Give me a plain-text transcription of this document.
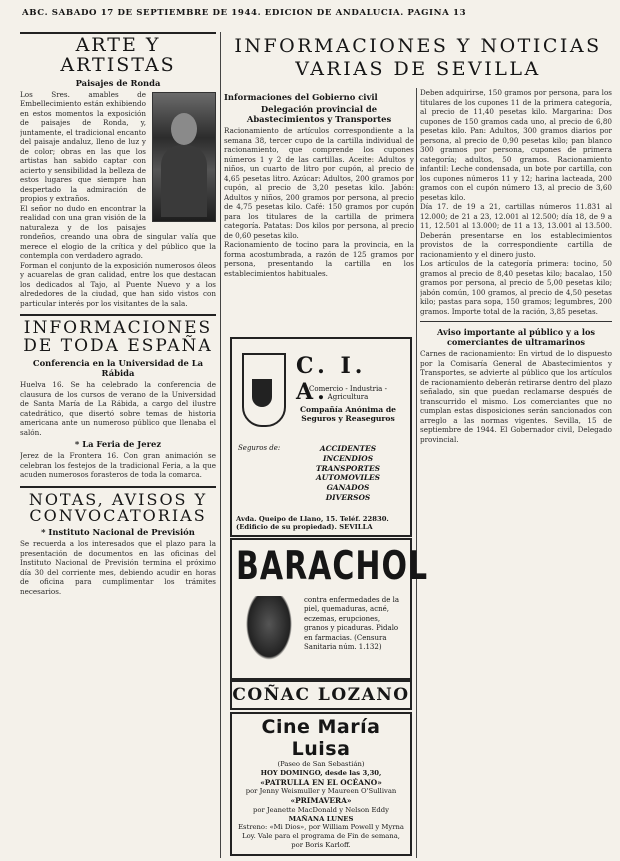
ABC. SÁBADO 17 DE SEPTIEMBRE DE 1944. EDICION DE ANDALUCIA. PAGINA 13
ARTE Y ARTISTAS
Paisajes de Ronda

Los Sres. amables de Embellecimiento están exhibiendo en estos momentos la exposición de paisajes de Ronda, y, juntamente, el tradicional encanto del paisaje andaluz, lleno de luz y de color; obras en las que los artistas han sabido captar con acierto y sensibilidad la belleza de estos lugares que siempre han despertado la admiración de propios y extraños.

El señor no dudo en encontrar la realidad con una gran visión de la naturaleza y de los paisajes rondeños, creando una obra de singular valía que merece el elogio de la crítica y del público que la contempla con verdadero agrado.

Forman el conjunto de la exposición numerosos óleos y acuarelas de gran calidad, entre los que destacan los dedicados al Tajo, al Puente Nuevo y a los alrededores de la ciudad, que han sido vistos con particular interés por los visitantes de la sala.

INFORMACIONES DE TODA ESPAÑA
Conferencia en la Universidad de La Rábida

Huelva 16. Se ha celebrado la conferencia de clausura de los cursos de verano de la Universidad de Santa María de La Rábida, a cargo del ilustre catedrático, que disertó sobre temas de historia americana ante un numeroso público que llenaba el salón.

* La Feria de Jerez

Jerez de la Frontera 16. Con gran animación se celebran los festejos de la tradicional Feria, a la que acuden numerosos forasteros de toda la comarca.

NOTAS, AVISOS Y CONVOCATORIAS
* Instituto Nacional de Previsión

Se recuerda a los interesados que el plazo para la presentación de documentos en las oficinas del Instituto Nacional de Previsión termina el próximo día 30 del corriente mes, debiendo acudir en horas de oficina para cumplimentar los trámites necesarios.

INFORMACIONES Y NOTICIAS VARIAS DE SEVILLA
Informaciones del Gobierno civil
Delegación provincial de Abastecimientos y Transportes

Racionamiento de artículos correspondiente a la semana 38, tercer cupo de la cartilla individual de racionamiento, que comprende los cupones números 1 y 2 de las cartillas. Aceite: Adultos y niños, un cuarto de litro por cupón, al precio de 4,65 pesetas litro. Azúcar: Adultos, 200 gramos por cupón, al precio de 3,20 pesetas kilo. Jabón: Adultos y niños, 200 gramos por persona, al precio de 4,75 pesetas kilo. Café: 150 gramos por cupón para los titulares de la cartilla de primera categoría. Patatas: Dos kilos por persona, al precio de 0,60 pesetas kilo.

Racionamiento de tocino para la provincia, en la forma acostumbrada, a razón de 125 gramos por persona, presentando la cartilla en los establecimientos habituales.

C. I. A.
Comercio - Industria - Agricultura
Compañía Anónima de Seguros y Reaseguros
Seguros de:	ACCIDENTES
INCENDIOS
TRANSPORTES
AUTOMOVILES
GANADOS
DIVERSOS
Avda. Queipo de Llano, 15. Teléf. 22830. (Edificio de su propiedad). SEVILLA
BARACHOL
contra enfermedades de la piel, quemaduras, acné, eczemas, erupciones, granos y picaduras. Pidalo en farmacias. (Censura Sanitaria núm. 1.132)
COÑAC LOZANO
Cine María Luisa
(Paseo de San Sebastián)
HOY DOMINGO, desde las 3,30,
«PATRULLA EN EL OCÉANO»
por Jenny Weismuller y Maureen O'Sullivan
«PRIMAVERA»
por Jeanette MacDonald y Nelson Eddy
MAÑANA LUNES
Estreno: «Mi Dios», por William Powell y Myrna Loy. Vale para el programa de Fin de semana, por Boris Karloff.

Deben adquirirse, 150 gramos por persona, para los titulares de los cupones 11 de la primera categoría, al precio de 11,40 pesetas kilo. Margarina: Dos cupones de 150 gramos cada uno, al precio de 6,80 pesetas kilo. Pan: Adultos, 300 gramos diarios por persona, al precio de 0,90 pesetas kilo; pan blanco 300 gramos por persona, cupones de primera categoría; adultos, 50 gramos. Racionamiento infantil: Leche condensada, un bote por cartilla, con los cupones números 11 y 12; harina lacteada, 200 gramos con el cupón número 13, al precio de 3,60 pesetas kilo.

Día 17. de 19 a 21, cartillas números 11.831 al 12.000; de 21 a 23, 12.001 al 12.500; día 18, de 9 a 11, 12.501 al 13.000; de 11 a 13, 13.001 al 13.500. Deberán presentarse en los establecimientos provistos de la correspondiente cartilla de racionamiento y el dinero justo.

Los artículos de la categoría primera: tocino, 50 gramos al precio de 8,40 pesetas kilo; bacalao, 150 gramos por persona, al precio de 5,00 pesetas kilo; jabón común, 100 gramos, al precio de 4,50 pesetas kilo; pastas para sopa, 150 gramos; legumbres, 200 gramos. Importe total de la ración, 3,85 pesetas.

Aviso importante al público y a los comerciantes de ultramarinos

Carnes de racionamiento: En virtud de lo dispuesto por la Comisaría General de Abastecimientos y Transportes, se advierte al público que los artículos de racionamiento deberán retirarse dentro del plazo señalado, sin que puedan reclamarse después de transcurrido el mismo. Los comerciantes que no cumplan estas disposiciones serán sancionados con arreglo a las normas vigentes. Sevilla, 15 de septiembre de 1944. El Gobernador civil, Delegado provincial.
